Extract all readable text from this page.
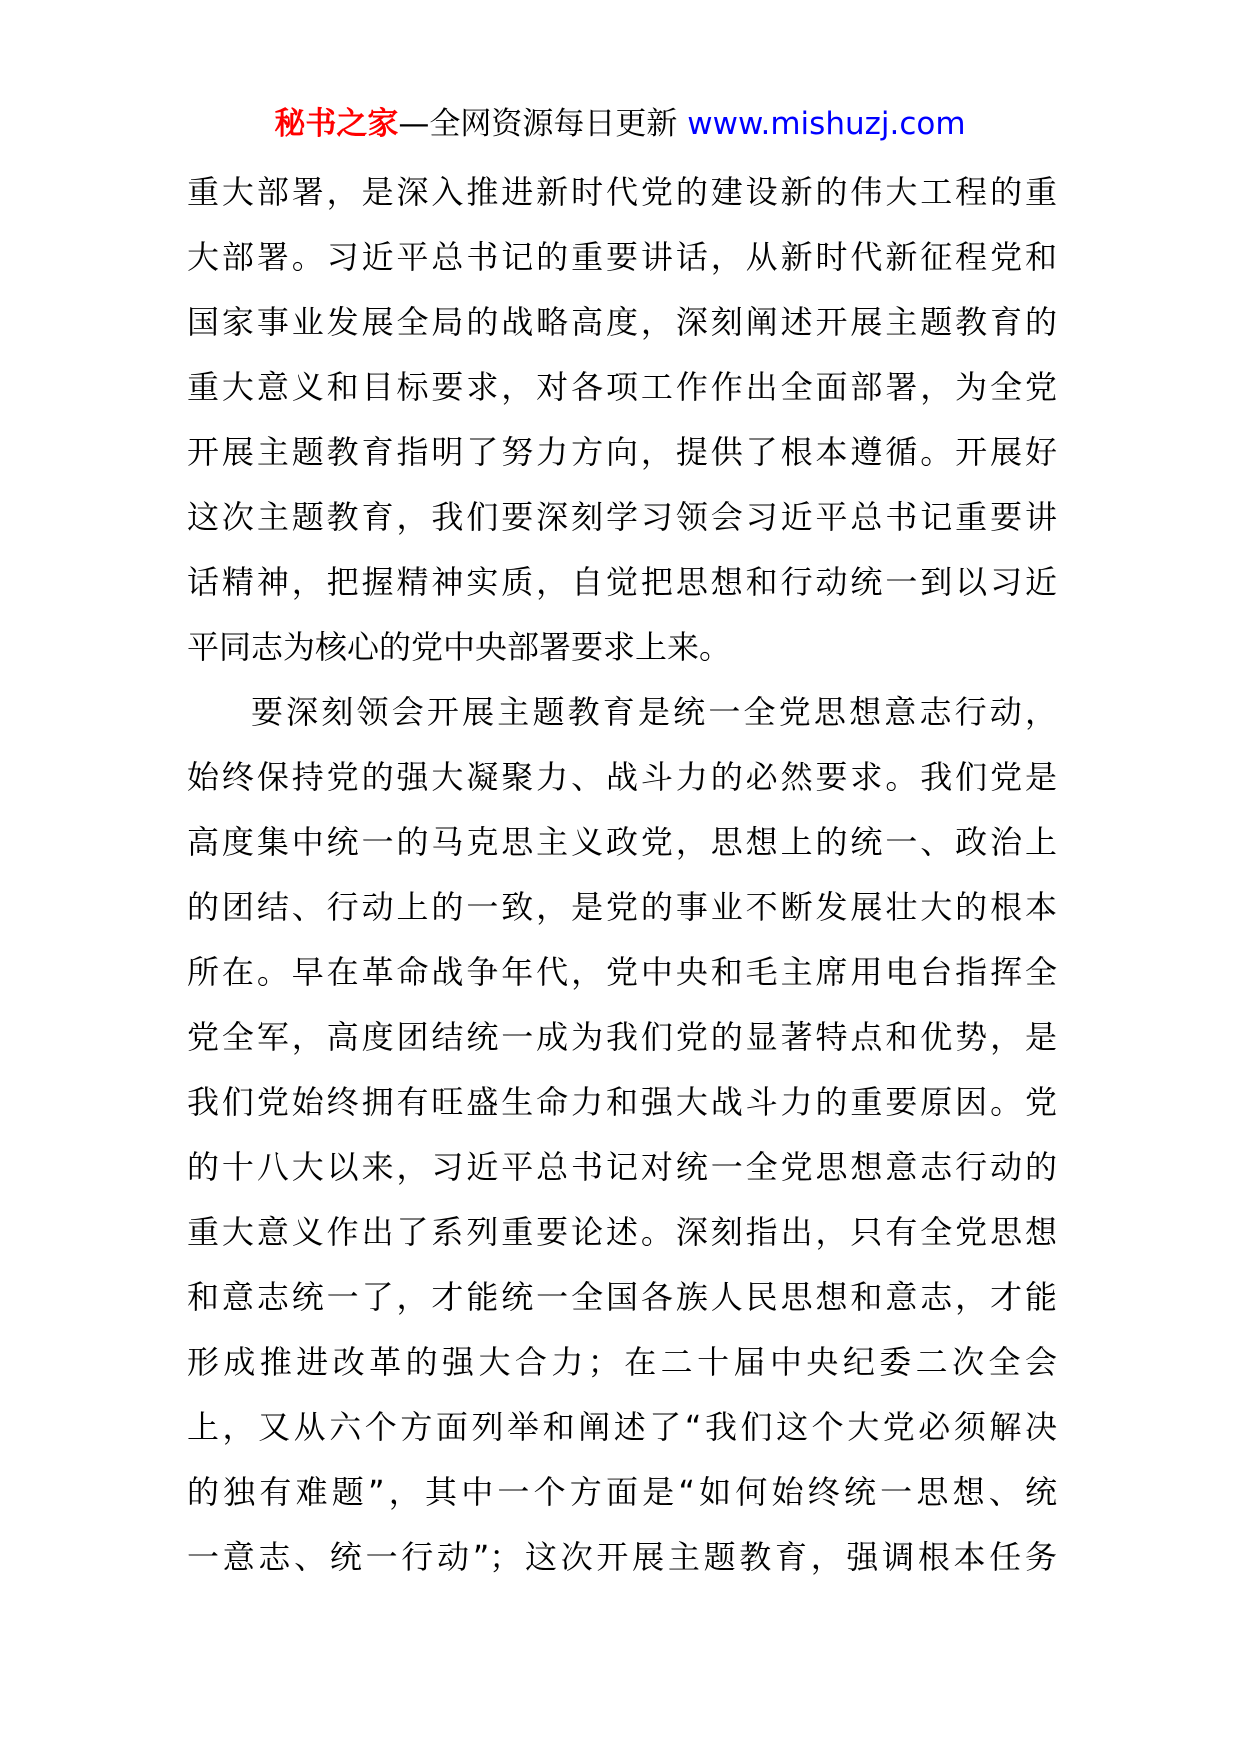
秘书之家—全网资源每日更新 www.mishuzj.com
重大部署，是深入推进新时代党的建设新的伟大工程的重
大部署。习近平总书记的重要讲话，从新时代新征程党和
国家事业发展全局的战略高度，深刻阐述开展主题教育的
重大意义和目标要求，对各项工作作出全面部署，为全党
开展主题教育指明了努力方向，提供了根本遵循。开展好
这次主题教育，我们要深刻学习领会习近平总书记重要讲
话精神，把握精神实质，自觉把思想和行动统一到以习近
平同志为核心的党中央部署要求上来。
要深刻领会开展主题教育是统一全党思想意志行动，
始终保持党的强大凝聚力、战斗力的必然要求。我们党是
高度集中统一的马克思主义政党，思想上的统一、政治上
的团结、行动上的一致，是党的事业不断发展壮大的根本
所在。早在革命战争年代，党中央和毛主席用电台指挥全
党全军，高度团结统一成为我们党的显著特点和优势，是
我们党始终拥有旺盛生命力和强大战斗力的重要原因。党
的十八大以来，习近平总书记对统一全党思想意志行动的
重大意义作出了系列重要论述。深刻指出，只有全党思想
和意志统一了，才能统一全国各族人民思想和意志，才能
形成推进改革的强大合力；在二十届中央纪委二次全会
上，又从六个方面列举和阐述了“我们这个大党必须解决
的独有难题”，其中一个方面是“如何始终统一思想、统
一意志、统一行动”；这次开展主题教育，强调根本任务
